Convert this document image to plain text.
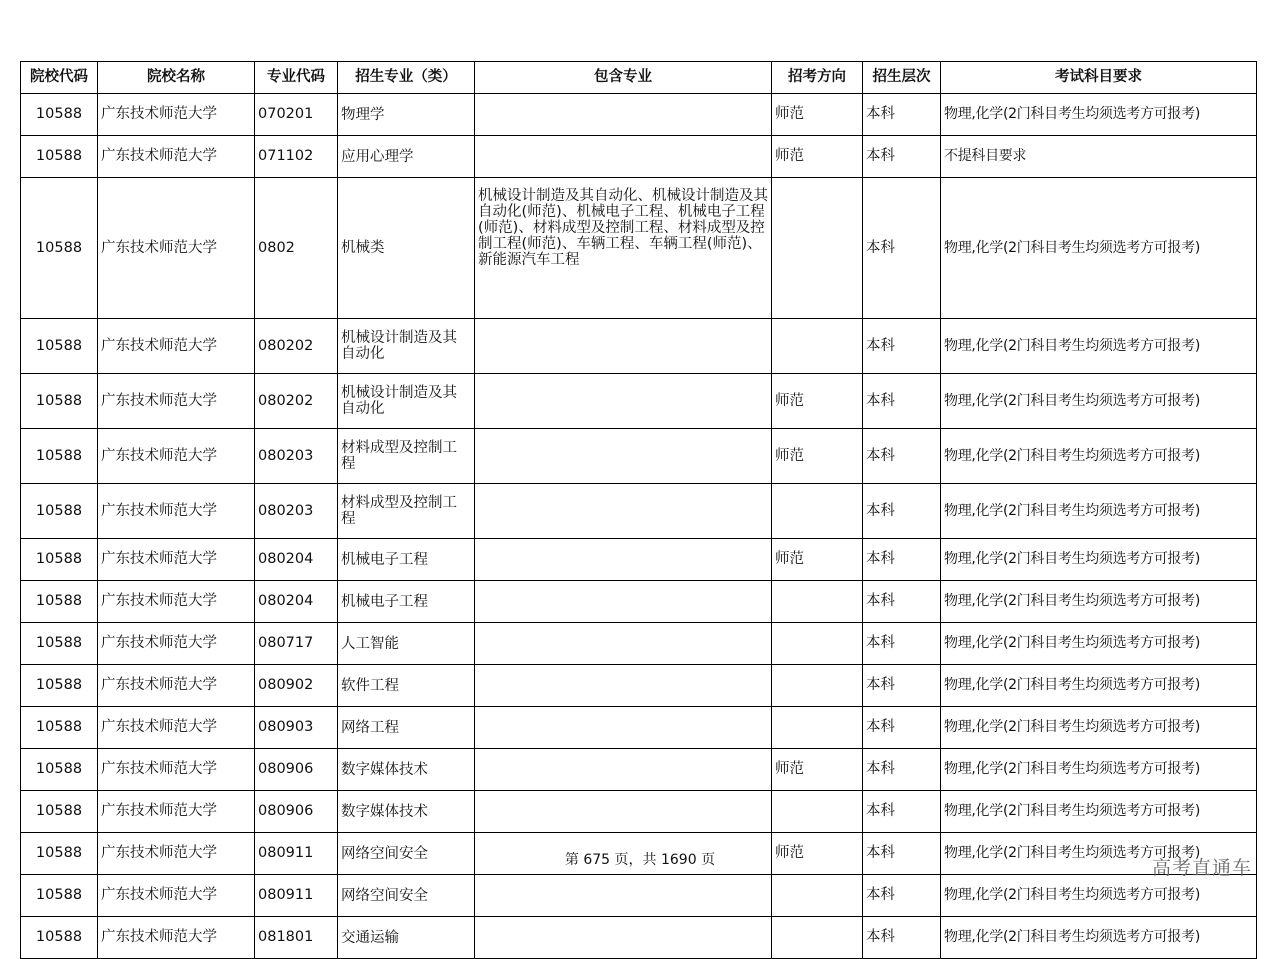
院校代码	院校名称	专业代码	招生专业（类）	包含专业	招考方向	招生层次	考试科目要求
10588	广东技术师范大学	070201	物理学		师范	本科	物理,化学(2门科目考生均须选考方可报考)
10588	广东技术师范大学	071102	应用心理学		师范	本科	不提科目要求
10588	广东技术师范大学	0802	机械类	机械设计制造及其自动化、机械设计制造及其自动化(师范)、机械电子工程、机械电子工程(师范)、材料成型及控制工程、材料成型及控制工程(师范)、车辆工程、车辆工程(师范)、新能源汽车工程		本科	物理,化学(2门科目考生均须选考方可报考)
10588	广东技术师范大学	080202	机械设计制造及其自动化			本科	物理,化学(2门科目考生均须选考方可报考)
10588	广东技术师范大学	080202	机械设计制造及其自动化		师范	本科	物理,化学(2门科目考生均须选考方可报考)
10588	广东技术师范大学	080203	材料成型及控制工程		师范	本科	物理,化学(2门科目考生均须选考方可报考)
10588	广东技术师范大学	080203	材料成型及控制工程			本科	物理,化学(2门科目考生均须选考方可报考)
10588	广东技术师范大学	080204	机械电子工程		师范	本科	物理,化学(2门科目考生均须选考方可报考)
10588	广东技术师范大学	080204	机械电子工程			本科	物理,化学(2门科目考生均须选考方可报考)
10588	广东技术师范大学	080717	人工智能			本科	物理,化学(2门科目考生均须选考方可报考)
10588	广东技术师范大学	080902	软件工程			本科	物理,化学(2门科目考生均须选考方可报考)
10588	广东技术师范大学	080903	网络工程			本科	物理,化学(2门科目考生均须选考方可报考)
10588	广东技术师范大学	080906	数字媒体技术		师范	本科	物理,化学(2门科目考生均须选考方可报考)
10588	广东技术师范大学	080906	数字媒体技术			本科	物理,化学(2门科目考生均须选考方可报考)
10588	广东技术师范大学	080911	网络空间安全		师范	本科	物理,化学(2门科目考生均须选考方可报考)
10588	广东技术师范大学	080911	网络空间安全			本科	物理,化学(2门科目考生均须选考方可报考)
10588	广东技术师范大学	081801	交通运输			本科	物理,化学(2门科目考生均须选考方可报考)
第 675 页，共 1690 页	高考直通车
